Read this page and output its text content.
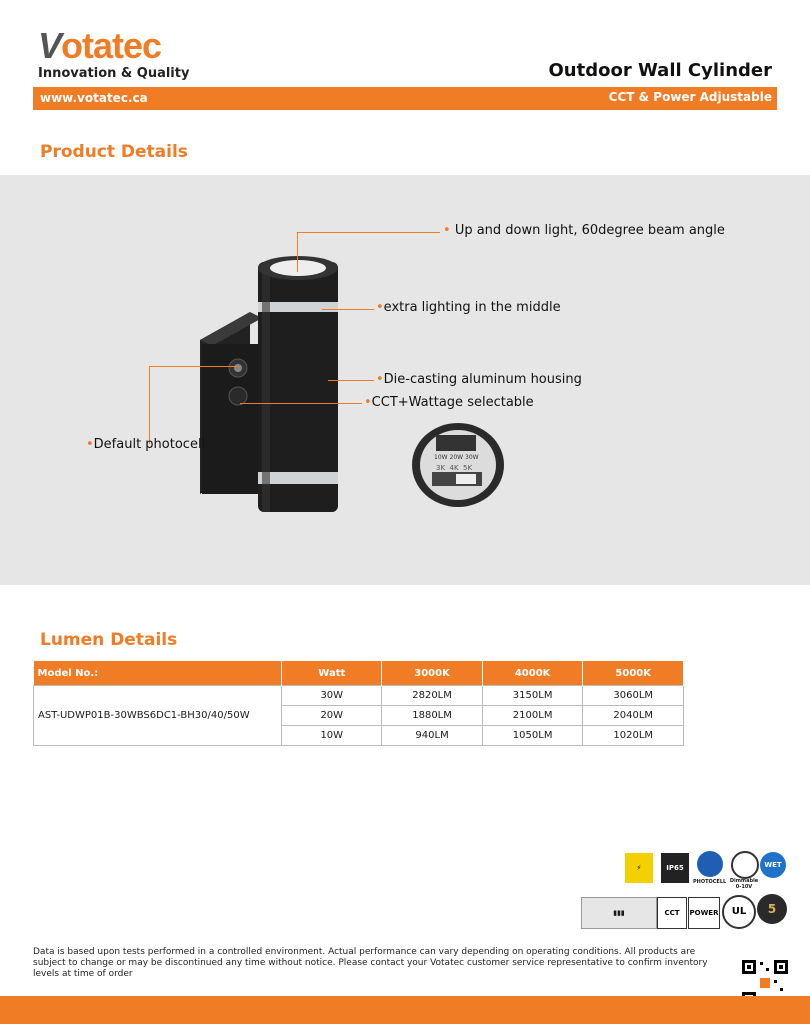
Votatec
Innovation & Quality	Outdoor Wall Cylinder
www.votatec.ca	CCT & Power Adjustable
Product Details
10W 20W 30W
3K 4K 5K
• Up and down light, 60degree beam angle
•extra lighting in the middle
•Die-casting aluminum housing
•CCT+Wattage selectable
•Default photocell
Lumen Details
Model No.:	Watt	3000K	4000K	5000K
AST-UDWP01B-30WBS6DC1-BH30/40/50W	30W	2820LM	3150LM	3060LM
	20W	1880LM	2100LM	2040LM
	10W	940LM	1050LM	1020LM
⚡	IP65
PHOTOCELL Dimmable 0-10V
WET
▮▮▮	CCT	POWER	UL	5
Data is based upon tests performed in a controlled environment. Actual performance can vary depending on operating conditions. All products are subject to change or may be discontinued any time without notice. Please contact your Votatec customer service representative to confirm inventory levels at time of order
